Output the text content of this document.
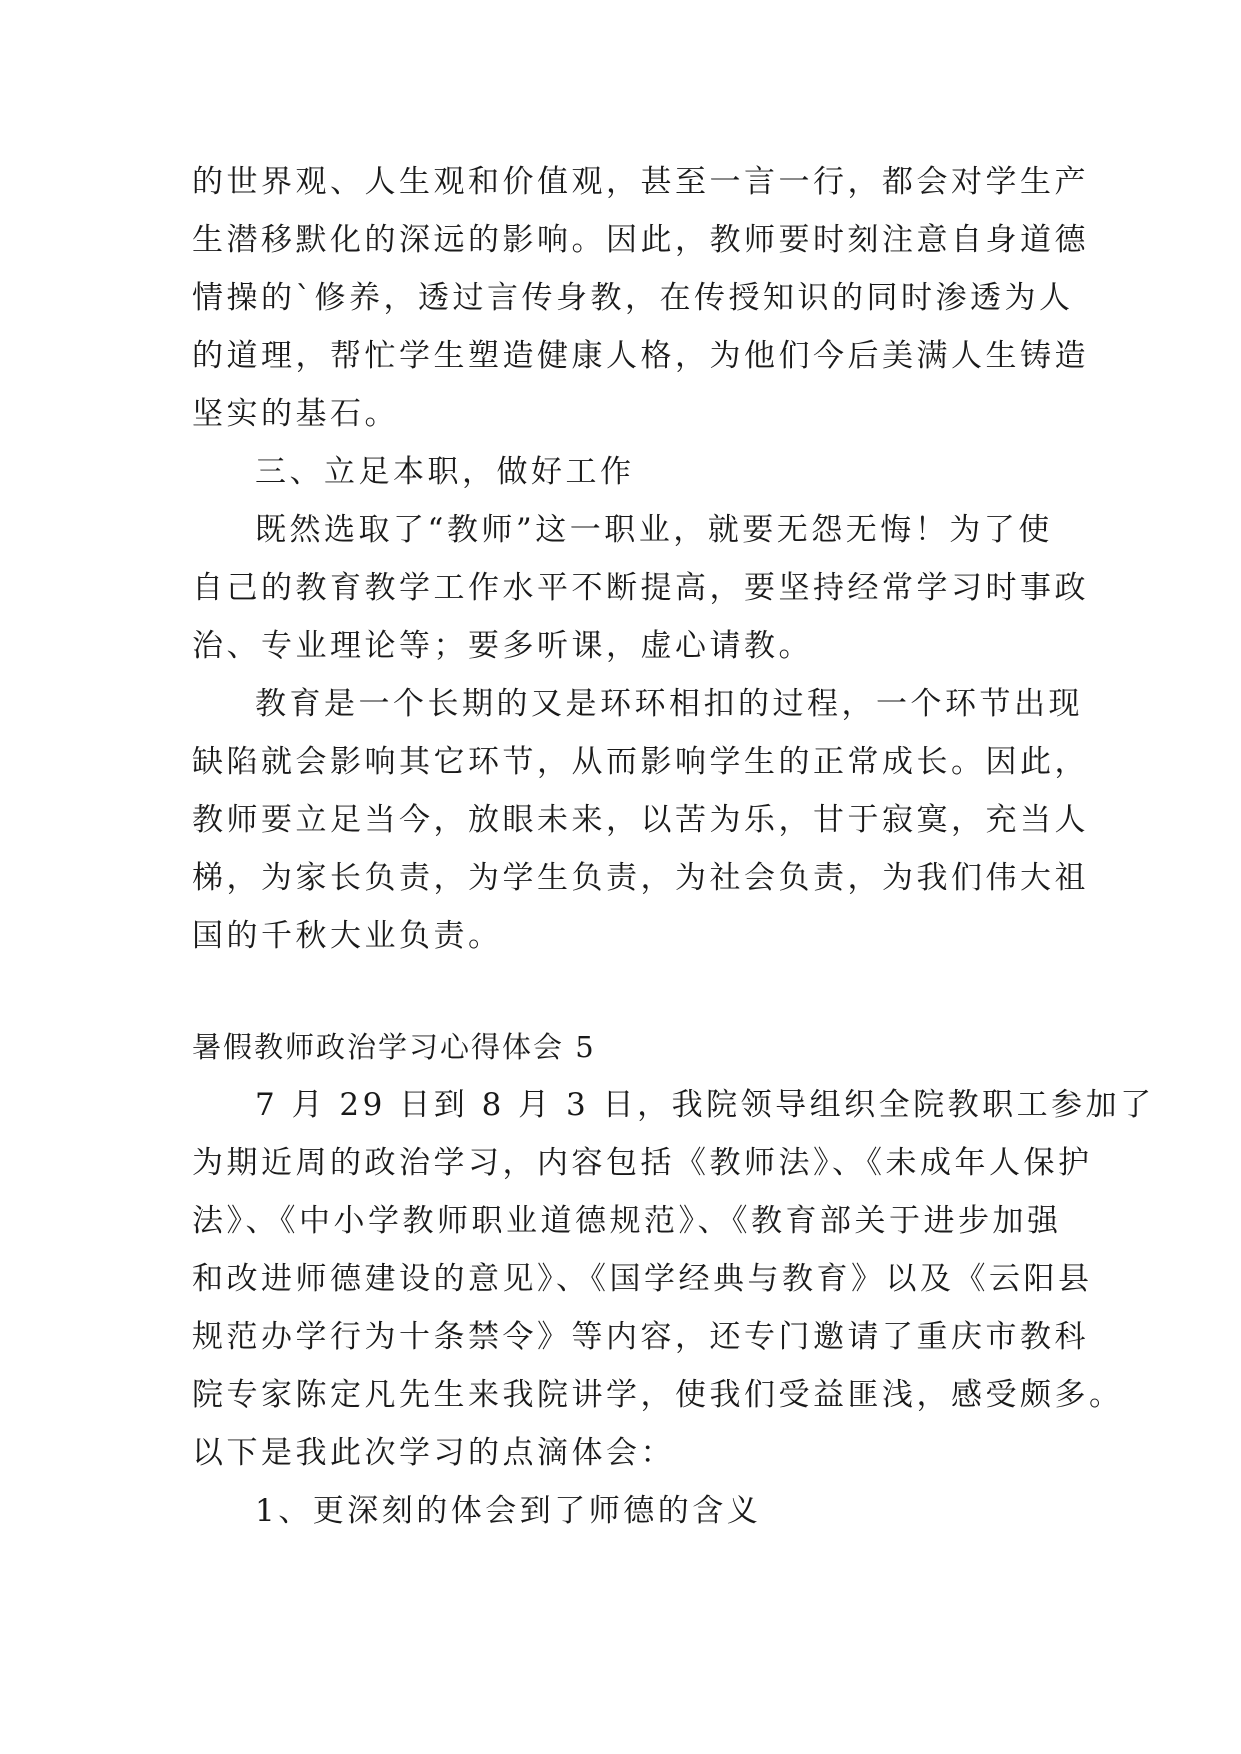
的世界观、人生观和价值观，甚至一言一行，都会对学生产
生潜移默化的深远的影响。因此，教师要时刻注意自身道德
情操的`修养，透过言传身教，在传授知识的同时渗透为人
的道理，帮忙学生塑造健康人格，为他们今后美满人生铸造
坚实的基石。
三、立足本职，做好工作
既然选取了“教师”这一职业，就要无怨无悔！为了使
自己的教育教学工作水平不断提高，要坚持经常学习时事政
治、专业理论等；要多听课，虚心请教。
教育是一个长期的又是环环相扣的过程，一个环节出现
缺陷就会影响其它环节，从而影响学生的正常成长。因此，
教师要立足当今，放眼未来，以苦为乐，甘于寂寞，充当人
梯，为家长负责，为学生负责，为社会负责，为我们伟大祖
国的千秋大业负责。
暑假教师政治学习心得体会 5
7 月 29 日到 8 月 3 日，我院领导组织全院教职工参加了
为期近周的政治学习，内容包括《教师法》、《未成年人保护
法》、《中小学教师职业道德规范》、《教育部关于进步加强
和改进师德建设的意见》、《国学经典与教育》以及《云阳县
规范办学行为十条禁令》等内容，还专门邀请了重庆市教科
院专家陈定凡先生来我院讲学，使我们受益匪浅，感受颇多。
以下是我此次学习的点滴体会：
1、更深刻的体会到了师德的含义
